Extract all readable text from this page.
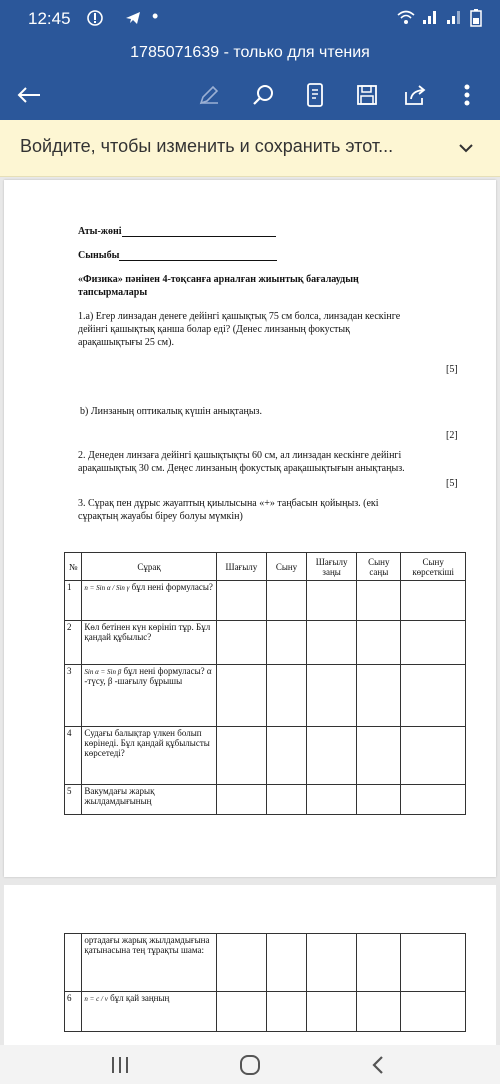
12:45	•
1785071639 - только для чтения
Войдите, чтобы изменить и сохранить этот...
Аты-жөні
Сыныбы
«Физика» пәнінен 4-тоқсанға арналған жиынтық бағалаудың
тапсырмалары
1.а) Егер линзадан денеге дейінгі қашықтық 75 см болса, линзадан кескінге
дейінгі қашықтық қанша болар еді? (Денес линзаның фокустық
арақашықтығы 25 см).
[5]
b) Линзаның оптикалық күшін анықтаңыз.
[2]
2. Денеден линзаға дейінгі қашықтықты 60 см, ал линзадан кескінге дейінгі
арақашықтық 30 см. Деңес линзаның фокустық арақашықтығын анықтаңыз.
[5]
3. Сұрақ пен дұрыс жауаптың қиылысына «+» таңбасын қойыңыз. (екі
сұрақтың жауабы біреу болуы мүмкін)
№	Сұрақ	Шағылу	Сыну	Шағылу заңы	Сыну саңы	Сыну көрсеткіші
1	n = Sin α / Sin γ бұл нені формуласы?					
2	Көл бетінен күн көрініп тұр. Бұл қандай құбылыс?					
3	Sin α = Sin β бұл нені формуласы? α -түсу, β -шағылу бұрышы					
4	Судағы балықтар үлкен болып көрінеді. Бұл қандай құбылысты көрсетеді?					
5	Вакумдағы жарық жылдамдығының					
	ортадағы жарық жылдамдығына қатынасына тең тұрақты шама:					
6	n = c / v бұл қай заңның					
